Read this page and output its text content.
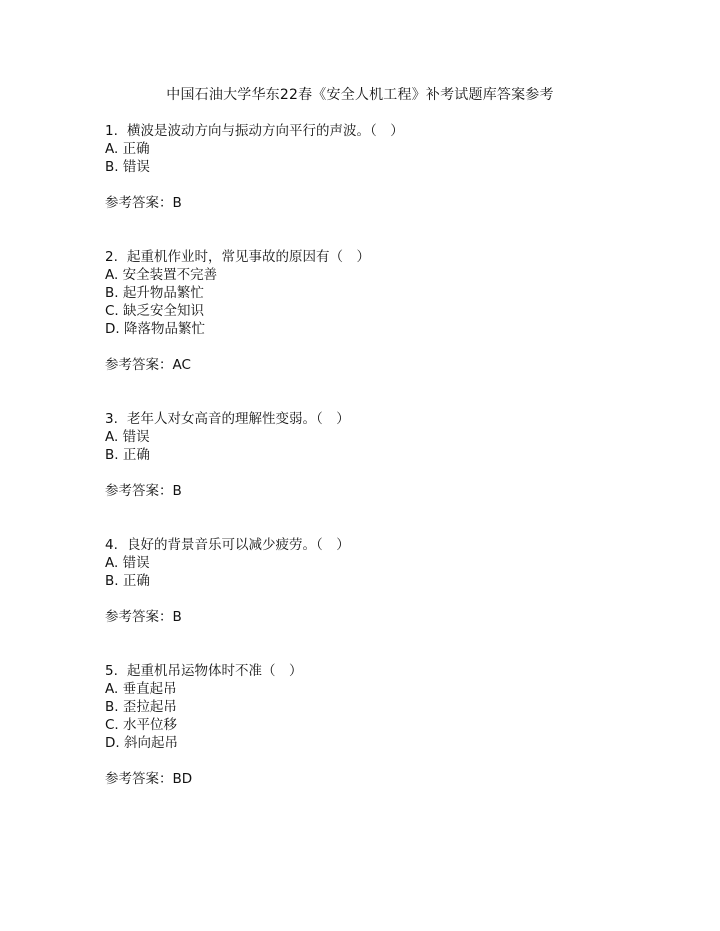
中国石油大学华东22春《安全人机工程》补考试题库答案参考
1. 横波是波动方向与振动方向平行的声波。（　）
A. 正确
B. 错误
参考答案：B
2. 起重机作业时，常见事故的原因有（　）
A. 安全装置不完善
B. 起升物品繁忙
C. 缺乏安全知识
D. 降落物品繁忙
参考答案：AC
3. 老年人对女高音的理解性变弱。（　）
A. 错误
B. 正确
参考答案：B
4. 良好的背景音乐可以减少疲劳。（　）
A. 错误
B. 正确
参考答案：B
5. 起重机吊运物体时不准（　）
A. 垂直起吊
B. 歪拉起吊
C. 水平位移
D. 斜向起吊
参考答案：BD
